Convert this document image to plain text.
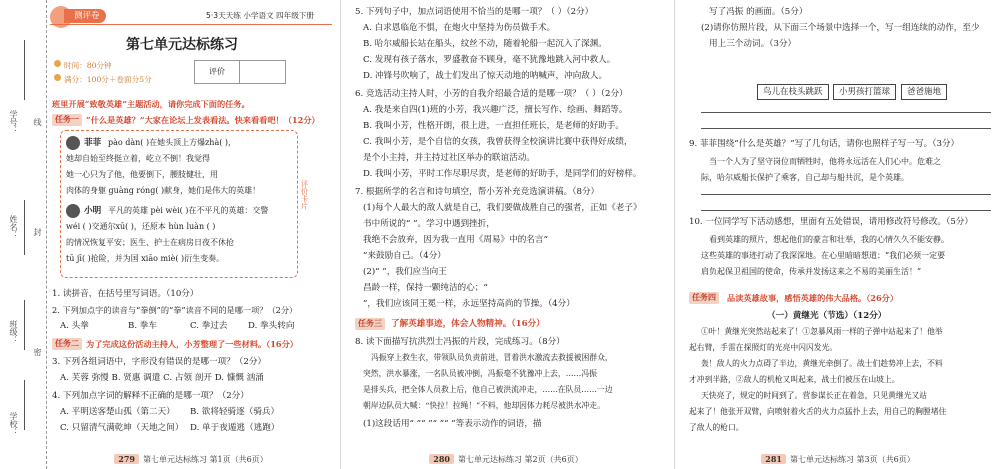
学号：
姓名：
班级：
学校：
线
封
密
测评卷	5·3天天练 小学语文 四年级下册
第七单元达标练习
时间：80分钟
满分：100分＋卷面分5分
评价
班里开展“致敬英雄”主题活动，请你完成下面的任务。
任务一 “什么是英雄？”大家在论坛上发表看法。快来看看吧！（12分）
评价卡片
菲菲 pào dàn( )在她头顶上方爆zhà( )，
她却自始至终挺立着，屹立不倒！我觉得
她一心只为了他，他要倒下，腰肢健壮，用
肉体的身躯 guàng róng( )献身，她们是伟大的英雄！
小明 平凡的英雄 pèi wèi( )在不平凡的英雄：交警
wéi ( )交通尔xū( )，还原本 hùn luàn ( )
的情况恢复平安；医生、护士在病房日夜不休抢
tū jī( )抢险，并为国 xiāo miè( )衍生变奏。
1. 读拼音，在括号里写词语。（10分）
2. 下列加点字的读音与“拳倒”的“拳”读音不同的是哪一项？（2分）
A. 头拳	B. 拳车	C. 拳过去 D. 拳头转向
任务二 为了完成这份活动主持人，小芳整理了一些材料。（16分）
3. 下列各组词语中，字形没有错误的是哪一项？（2分）
A. 芙蓉 弥慢 B. 贤惠 调遣 C. 占领 剖开 D. 慷慨 汹涌
4. 下列加点字词的解释不正确的是哪一项？（2分）
A. 平明送客楚山孤（第二天） B. 欲将轻骑逐（骑兵）
C. 只留清气满乾坤（天地之间） D. 单于夜遁逃（逃跑）
279 第七单元达标练习 第1页（共6页）
5. 下列句子中，加点词语使用不恰当的是哪一项？（ ）（2分）
A. 白求恩临危不惧，在炮火中坚持为伤员做手术。
B. 哈尔威船长站在船头，纹丝不动，随着轮船一起沉入了深渊。
C. 发现有孩子落水，罗盛教奋不顾身，毫不犹豫地跳入河中救人。
D. 冲锋号吹响了，战士们发出了惊天动地的呐喊声，冲向敌人。
6. 竞选活动主持人时，小芳的自我介绍最合适的是哪一项？（ ）（2分）
A. 我是来自四(1)班的小芳，我兴趣广泛，擅长写作、绘画、舞蹈等。
B. 我叫小芳，性格开朗，很上进，一直担任班长，是老师的好助手。
C. 我叫小芳，是个自信的女孩，我曾获得全校演讲比赛中获得好成绩，
是个小主持，并主持过社区举办的联谊活动。
D. 我叫小芳，平时工作尽职尽责，是老师的好助手，是同学们的好榜样。
7. 根据所学的名言和诗句填空，帮小芳补充竞选演讲稿。（8分）
(1)每个人最大的敌人就是自己，我们要做战胜自己的强者，正如《老子》
书中所说的“ ”。学习中遇到挫折，
我绝不会放弃，因为我一直用《周易》中的名言“
”来鼓励自己。（4分）
(2)“ ”，我们应当向王
昌龄一样，保持一颗纯洁的心；“
”，我们应该同王冕一样，永远坚持高尚的节操。（4分）
任务三	了解英雄事迹，体会人物精神。（16分）
8. 读下面描写抗洪烈士冯振的片段，完成练习。（8分）
冯振穿上救生衣，带领队员负责前进，冒着洪水激流去救援被困群众，
突然，洪水暴涨，一名队员被冲倒，冯振毫不犹豫冲上去，……冯振
是排头兵，把全体人员救上后，他自己被洪流冲走，……在队员……一边
朝岸边队员大喊：“快拉！拉绳！”不料，他却因体力耗尽被洪水冲走。
(1)这段话用“ ”“ ”“ ”“ ”等表示动作的词语，描
280 第七单元达标练习 第2页（共6页）
写了冯振 的画面。（5分）
(2)请你仿照片段，从下面三个场景中选择一个，写一组连续的动作，至少
用上三个动词。（3分）
鸟儿在枝头跳跃	小男孩打篮球	爸爸施地
9. 菲菲围绕“什么是英雄？”写了几句话，请你也照样子写一写。（3分）
当一个人为了坚守岗位而牺牲时，他将永远活在人们心中。危难之
际，哈尔威船长保护了乘客，自己却与船共沉，是个英雄。
10. 一位同学写下活动感想，里面有五处错误，请用修改符号修改。（5分）
看到英雄的照片，想起他们的豪言和壮举，我的心情久久不能安静。
这些英雄的事迹打动了我深深地。在心里暗暗想道：“我们必须一定要
肩负起保卫祖国的使命，传承并发扬这来之不易的美丽生活！”
任务四	品读英雄故事，感悟英雄的伟大品格。（26分）
（一）黄继光（节选）（12分）
①叶！黄继光突然站起来了！①忽暴风雨一样的子弹中站起来了！他举
起右臂，手雷在探照灯的光亮中闪闪发光。
轰！敌人的火力点碍了半边，黄继光牵倒了。战士们趁势冲上去，不料
才冲到半路，②敌人的机枪又叫起来，战士们被压在山坡上。
天快亮了，规定的时间到了。营参谋长正在着急，只见黄继光又站
起来了！他张开双臂，向喷射着火舌的火力点猛扑上去，用自己的胸膛堵住
了敌人的枪口。
281 第七单元达标练习 第3页（共6页）
